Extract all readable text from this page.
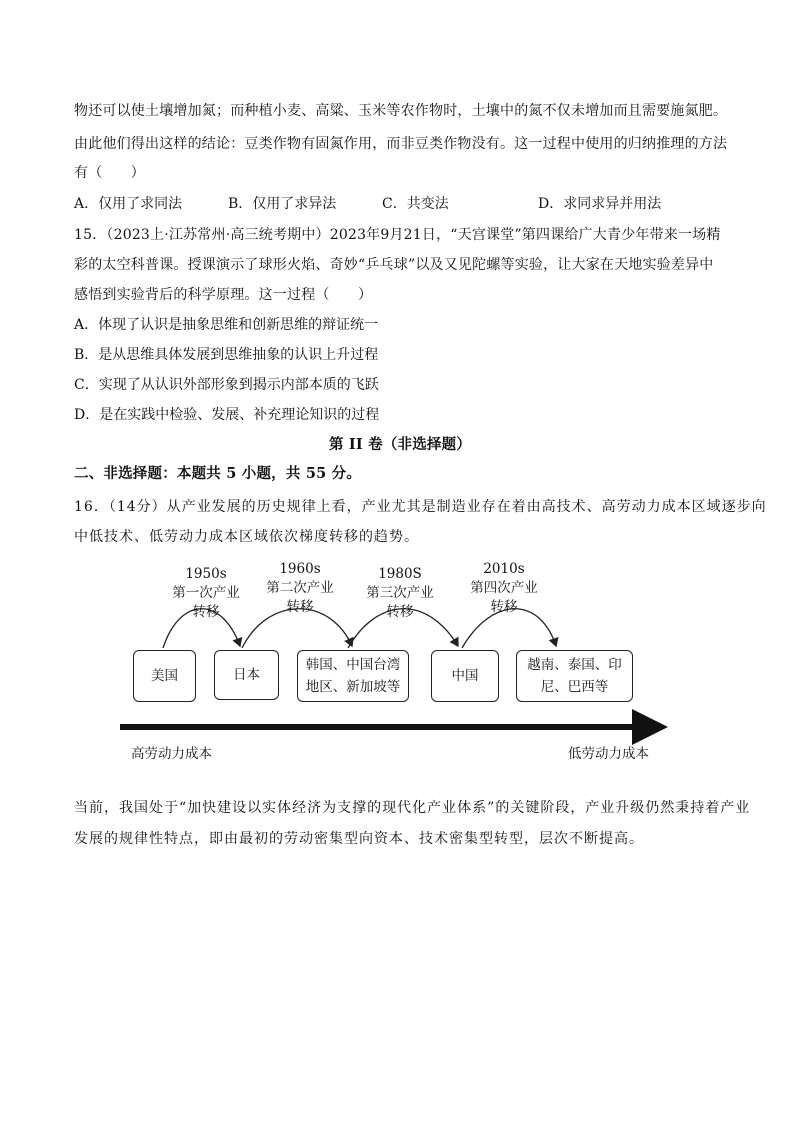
物还可以使土壤增加氮；而种植小麦、高粱、玉米等农作物时，土壤中的氮不仅未增加而且需要施氮肥。
由此他们得出这样的结论：豆类作物有固氮作用，而非豆类作物没有。这一过程中使用的归纳推理的方法
有（　　）
A．仅用了求同法	B．仅用了求异法	C．共变法	D．求同求异并用法
15．（2023上·江苏常州·高三统考期中）2023年9月21日，“天宫课堂”第四课给广大青少年带来一场精
彩的太空科普课。授课演示了球形火焰、奇妙“乒乓球”以及又见陀螺等实验，让大家在天地实验差异中
感悟到实验背后的科学原理。这一过程（　　）
A．体现了认识是抽象思维和创新思维的辩证统一
B．是从思维具体发展到思维抽象的认识上升过程
C．实现了从认识外部形象到揭示内部本质的飞跃
D．是在实践中检验、发展、补充理论知识的过程
第 II 卷（非选择题）
二、非选择题：本题共 5 小题，共 55 分。
16．（14分）从产业发展的历史规律上看，产业尤其是制造业存在着由高技术、高劳动力成本区域逐步向
中低技术、低劳动力成本区域依次梯度转移的趋势。
1950s
第一次产业
转移
1960s
第二次产业
转移
1980S
第三次产业
转移
2010s
第四次产业
转移
美国	日本
韩国、中国台湾
地区、新加坡等
中国
越南、泰国、印
尼、巴西等
高劳动力成本	低劳动力成本
当前，我国处于“加快建设以实体经济为支撑的现代化产业体系”的关键阶段，产业升级仍然秉持着产业
发展的规律性特点，即由最初的劳动密集型向资本、技术密集型转型，层次不断提高。
